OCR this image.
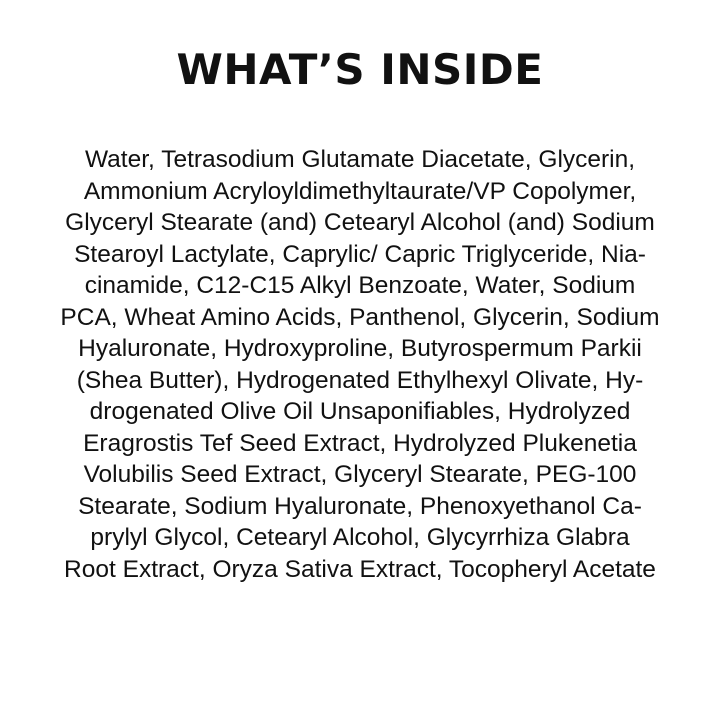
WHAT’S INSIDE
Water, Tetrasodium Glutamate Diacetate, Glycerin,
Ammonium Acryloyldimethyltaurate/VP Copolymer,
Glyceryl Stearate (and) Cetearyl Alcohol (and) Sodium
Stearoyl Lactylate, Caprylic/ Capric Triglyceride, Nia-
cinamide, C12-C15 Alkyl Benzoate, Water, Sodium
PCA, Wheat Amino Acids, Panthenol, Glycerin, Sodium
Hyaluronate, Hydroxyproline, Butyrospermum Parkii
(Shea Butter), Hydrogenated Ethylhexyl Olivate, Hy-
drogenated Olive Oil Unsaponifiables, Hydrolyzed
Eragrostis Tef Seed Extract, Hydrolyzed Plukenetia
Volubilis Seed Extract, Glyceryl Stearate, PEG-100
Stearate, Sodium Hyaluronate, Phenoxyethanol Ca-
prylyl Glycol, Cetearyl Alcohol, Glycyrrhiza Glabra
Root Extract, Oryza Sativa Extract, Tocopheryl Acetate
